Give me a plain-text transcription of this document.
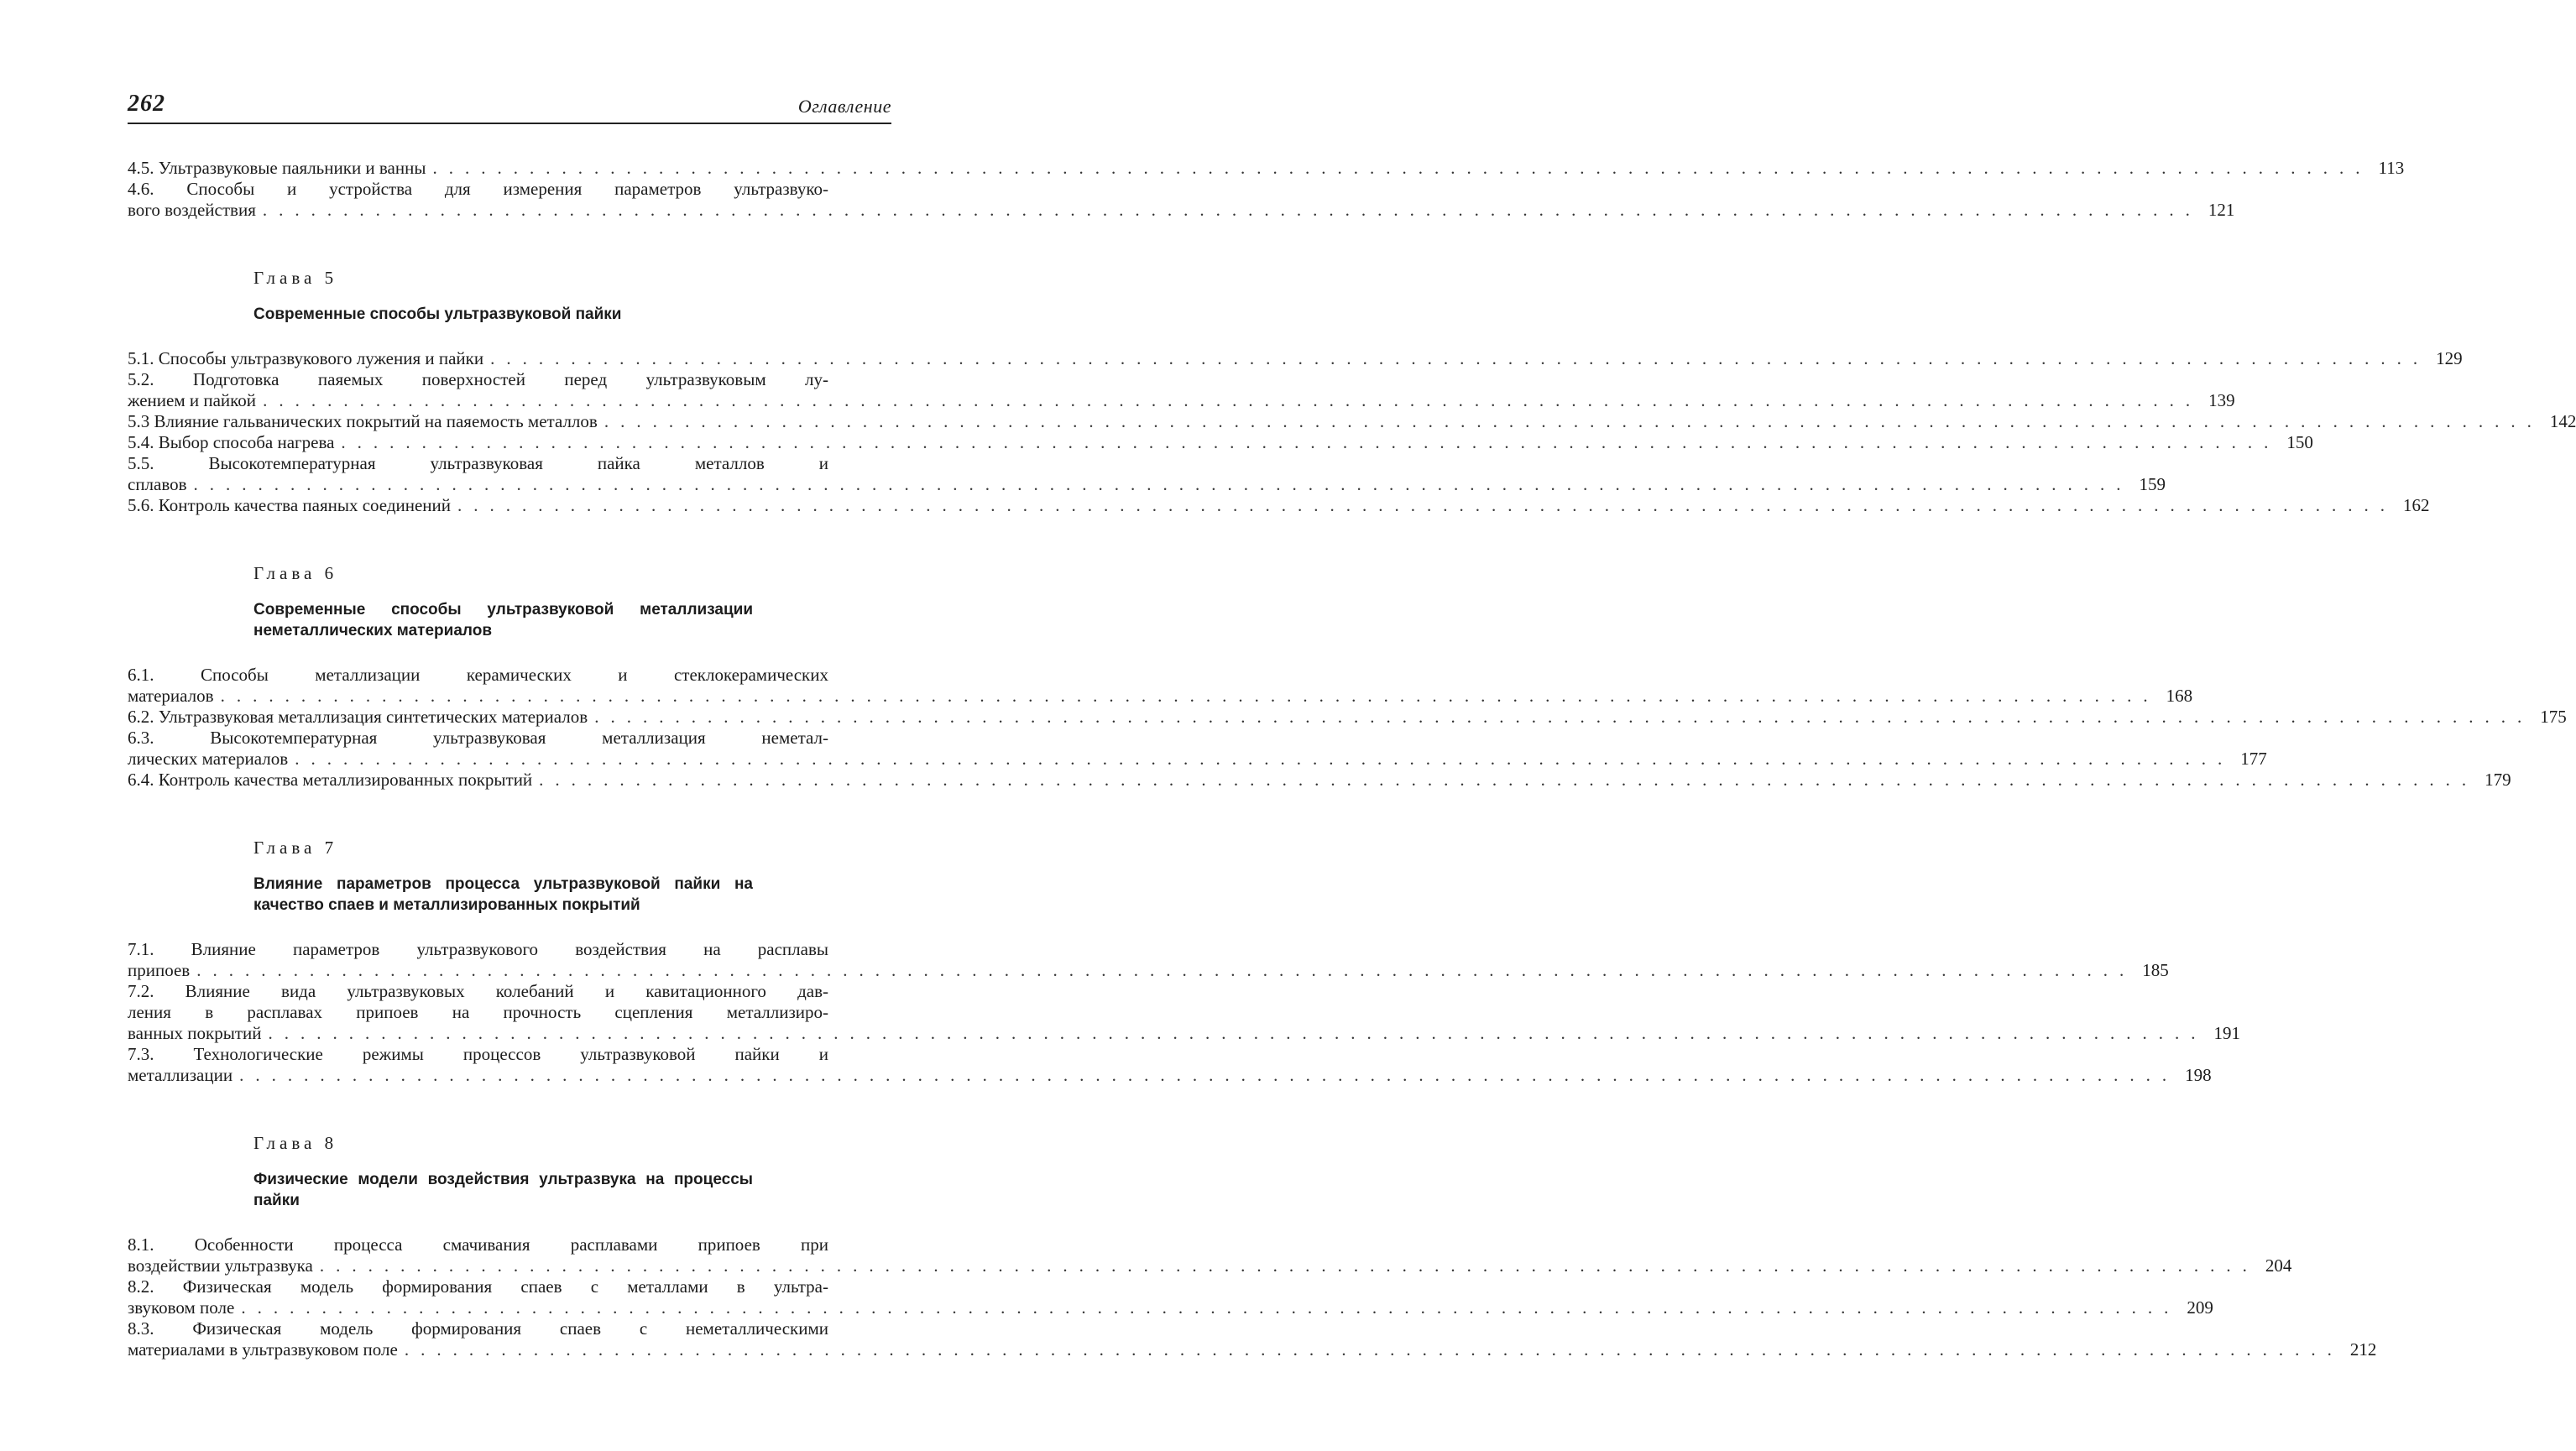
262	Оглавление
4.5. Ультразвуковые паяльники и ванны ........................................................................................................................ 113
4.6. Способы и устройства для измерения параметров ультразвуко-
вого воздействия ........................................................................................................................ 121
Глава 5
Современные способы ультразвуковой пайки
5.1. Способы ультразвукового лужения и пайки ........................................................................................................................ 129
5.2. Подготовка паяемых поверхностей перед ультразвуковым лу-
жением и пайкой ........................................................................................................................ 139
5.3 Влияние гальванических покрытий на паяемость металлов ........................................................................................................................ 142
5.4. Выбор способа нагрева ........................................................................................................................ 150
5.5. Высокотемпературная ультразвуковая пайка металлов и
сплавов ........................................................................................................................ 159
5.6. Контроль качества паяных соединений ........................................................................................................................ 162
Глава 6
Современные способы ультразвуковой металлизации неметаллических материалов
6.1. Способы металлизации керамических и стеклокерамических
материалов ........................................................................................................................ 168
6.2. Ультразвуковая металлизация синтетических материалов ........................................................................................................................ 175
6.3. Высокотемпературная ультразвуковая металлизация неметал-
лических материалов ........................................................................................................................ 177
6.4. Контроль качества металлизированных покрытий ........................................................................................................................ 179
Глава 7
Влияние параметров процесса ультразвуковой пайки на качество спаев и металлизированных покрытий
7.1. Влияние параметров ультразвукового воздействия на расплавы
припоев ........................................................................................................................ 185
7.2. Влияние вида ультразвуковых колебаний и кавитационного дав-
ления в расплавах припоев на прочность сцепления металлизиро-
ванных покрытий ........................................................................................................................ 191
7.3. Технологические режимы процессов ультразвуковой пайки и
металлизации ........................................................................................................................ 198
Глава 8
Физические модели воздействия ультразвука на процессы пайки
8.1. Особенности процесса смачивания расплавами припоев при
воздействии ультразвука ........................................................................................................................ 204
8.2. Физическая модель формирования спаев с металлами в ультра-
звуковом поле ........................................................................................................................ 209
8.3. Физическая модель формирования спаев с неметаллическими
материалами в ультразвуковом поле ........................................................................................................................ 212
